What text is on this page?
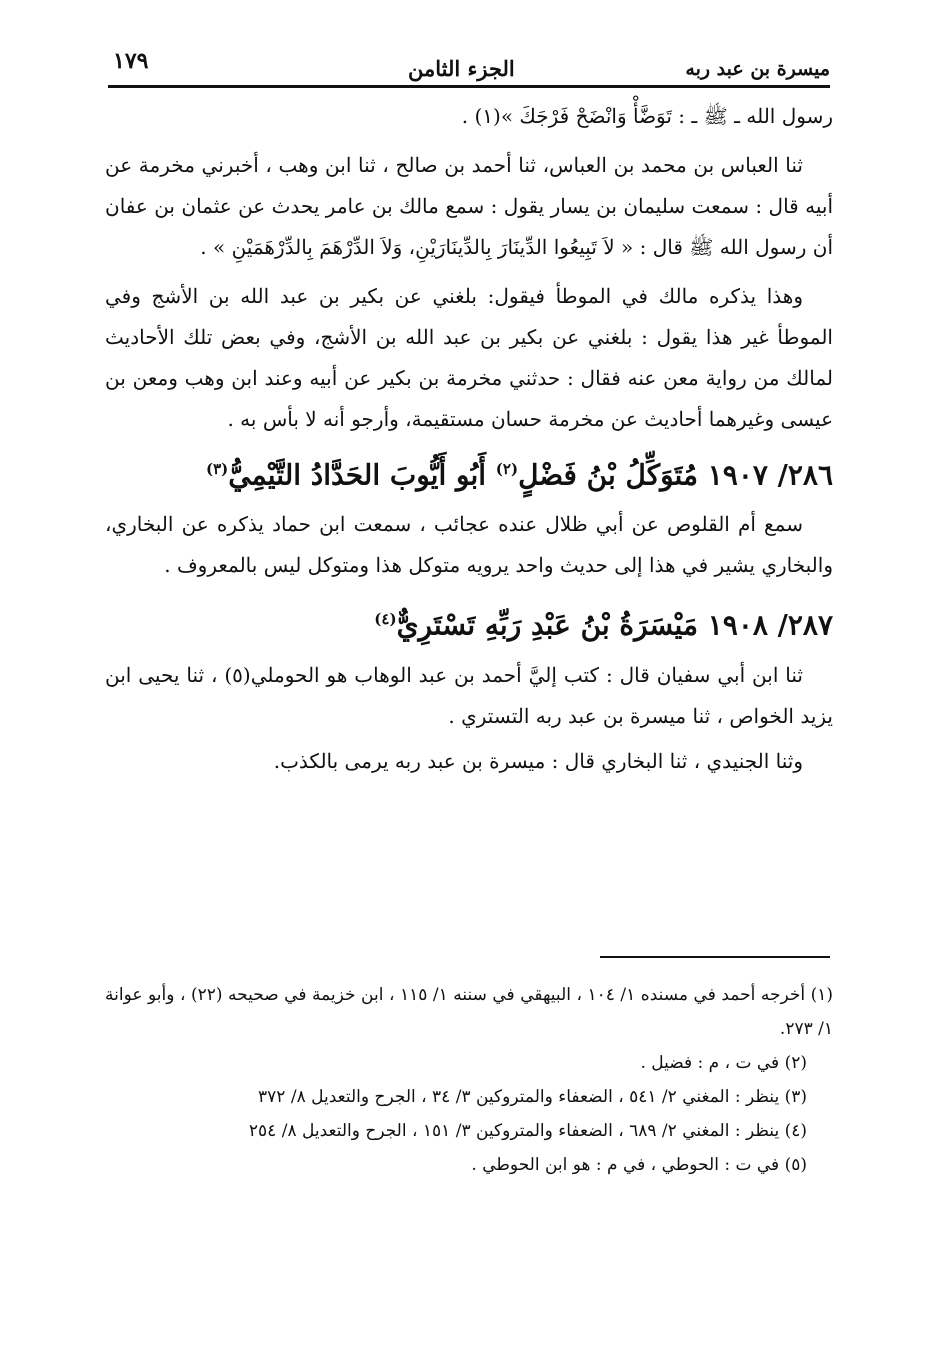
ميسرة بن عبد ربه
الجزء الثامن
١٧٩

رسول الله ـ ﷺ ـ : تَوَضَّأْ وَانْضَحْ فَرْجَكَ »(١) .

ثنا العباس بن محمد بن العباس، ثنا أحمد بن صالح ، ثنا ابن وهب ، أخبرني مخرمة عن أبيه قال : سمعت سليمان بن يسار يقول : سمع مالك بن عامر يحدث عن عثمان بن عفان أن رسول الله ﷺ قال : « لاَ تَبِيعُوا الدِّينَارَ بِالدِّينَارَيْنِ، وَلاَ الدِّرْهَمَ بِالدِّرْهَمَيْنِ » .

وهذا يذكره مالك في الموطأ فيقول: بلغني عن بكير بن عبد الله بن الأشج وفي الموطأ غير هذا يقول : بلغني عن بكير بن عبد الله بن الأشج، وفي بعض تلك الأحاديث لمالك من رواية معن عنه فقال : حدثني مخرمة بن بكير عن أبيه وعند ابن وهب ومعن بن عيسى وغيرهما أحاديث عن مخرمة حسان مستقيمة، وأرجو أنه لا بأس به .

٢٨٦/ ١٩٠٧ مُتَوَكِّلُ بْنُ فَضْلٍ$^{(٢)}$ أَبُو أَيُّوبَ الحَدَّادُ التَّيْمِيُّ$^{(٣)}$

سمع أم القلوص عن أبي ظلال عنده عجائب ، سمعت ابن حماد يذكره عن البخاري، والبخاري يشير في هذا إلى حديث واحد يرويه متوكل هذا ومتوكل ليس بالمعروف .

٢٨٧/ ١٩٠٨ مَيْسَرَةُ بْنُ عَبْدِ رَبِّهِ تَسْتَرِيٌّ$^{(٤)}$

ثنا ابن أبي سفيان قال : كتب إليَّ أحمد بن عبد الوهاب هو الحوملي(٥) ، ثنا يحيى ابن يزيد الخواص ، ثنا ميسرة بن عبد ربه التستري .

وثنا الجنيدي ، ثنا البخاري قال : ميسرة بن عبد ربه يرمى بالكذب.

(١) أخرجه أحمد في مسنده ١/ ١٠٤ ، البيهقي في سننه ١/ ١١٥ ، ابن خزيمة في صحيحه (٢٢) ، وأبو عوانة ١/ ٢٧٣.

(٢) في ت ، م : فضيل .

(٣) ينظر : المغني ٢/ ٥٤١ ، الضعفاء والمتروكين ٣/ ٣٤ ، الجرح والتعديل ٨/ ٣٧٢

(٤) ينظر : المغني ٢/ ٦٨٩ ، الضعفاء والمتروكين ٣/ ١٥١ ، الجرح والتعديل ٨/ ٢٥٤

(٥) في ت : الحوطي ، في م : هو ابن الحوطي .
